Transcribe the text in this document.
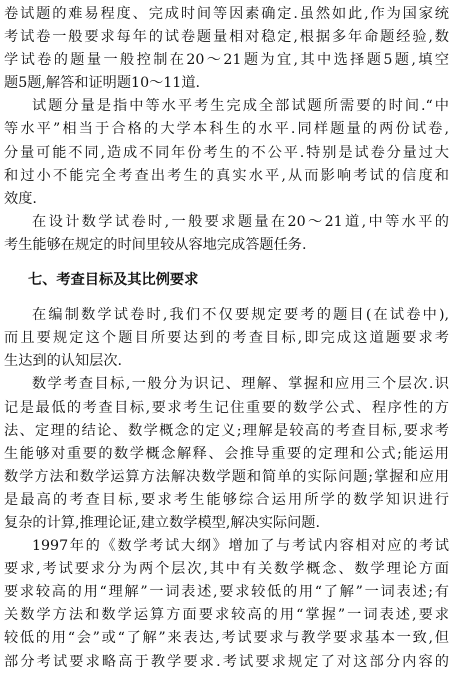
卷试题的难易程度、完成时间等因素确定.虽然如此,作为国家统
考试卷一般要求每年的试卷题量相对稳定,根据多年命题经验,数
学试卷的题量一般控制在20～21题为宜,其中选择题5题,填空
题5题,解答和证明题10～11道.
试题分量是指中等水平考生完成全部试题所需要的时间.“中
等水平”相当于合格的大学本科生的水平.同样题量的两份试卷,
分量可能不同,造成不同年份考生的不公平.特别是试卷分量过大
和过小不能完全考查出考生的真实水平,从而影响考试的信度和
效度.
在设计数学试卷时,一般要求题量在20～21道,中等水平的
考生能够在规定的时间里较从容地完成答题任务.
七、考查目标及其比例要求
在编制数学试卷时,我们不仅要规定要考的题目(在试卷中),
而且要规定这个题目所要达到的考查目标,即完成这道题要求考
生达到的认知层次.
数学考查目标,一般分为识记、理解、掌握和应用三个层次.识
记是最低的考查目标,要求考生记住重要的数学公式、程序性的方
法、定理的结论、数学概念的定义;理解是较高的考查目标,要求考
生能够对重要的数学概念解释、会推导重要的定理和公式;能运用
数学方法和数学运算方法解决数学题和简单的实际问题;掌握和应用
是最高的考查目标,要求考生能够综合运用所学的数学知识进行
复杂的计算,推理论证,建立数学模型,解决实际问题.
1997年的《数学考试大纲》增加了与考试内容相对应的考试
要求,考试要求分为两个层次,其中有关数学概念、数学理论方面
要求较高的用“理解”一词表述,要求较低的用“了解”一词表述;有
关数学方法和数学运算方面要求较高的用“掌握”一词表述,要求
较低的用“会”或“了解”来表达,考试要求与教学要求基本一致,但
部分考试要求略高于教学要求.考试要求规定了对这部分内容的
